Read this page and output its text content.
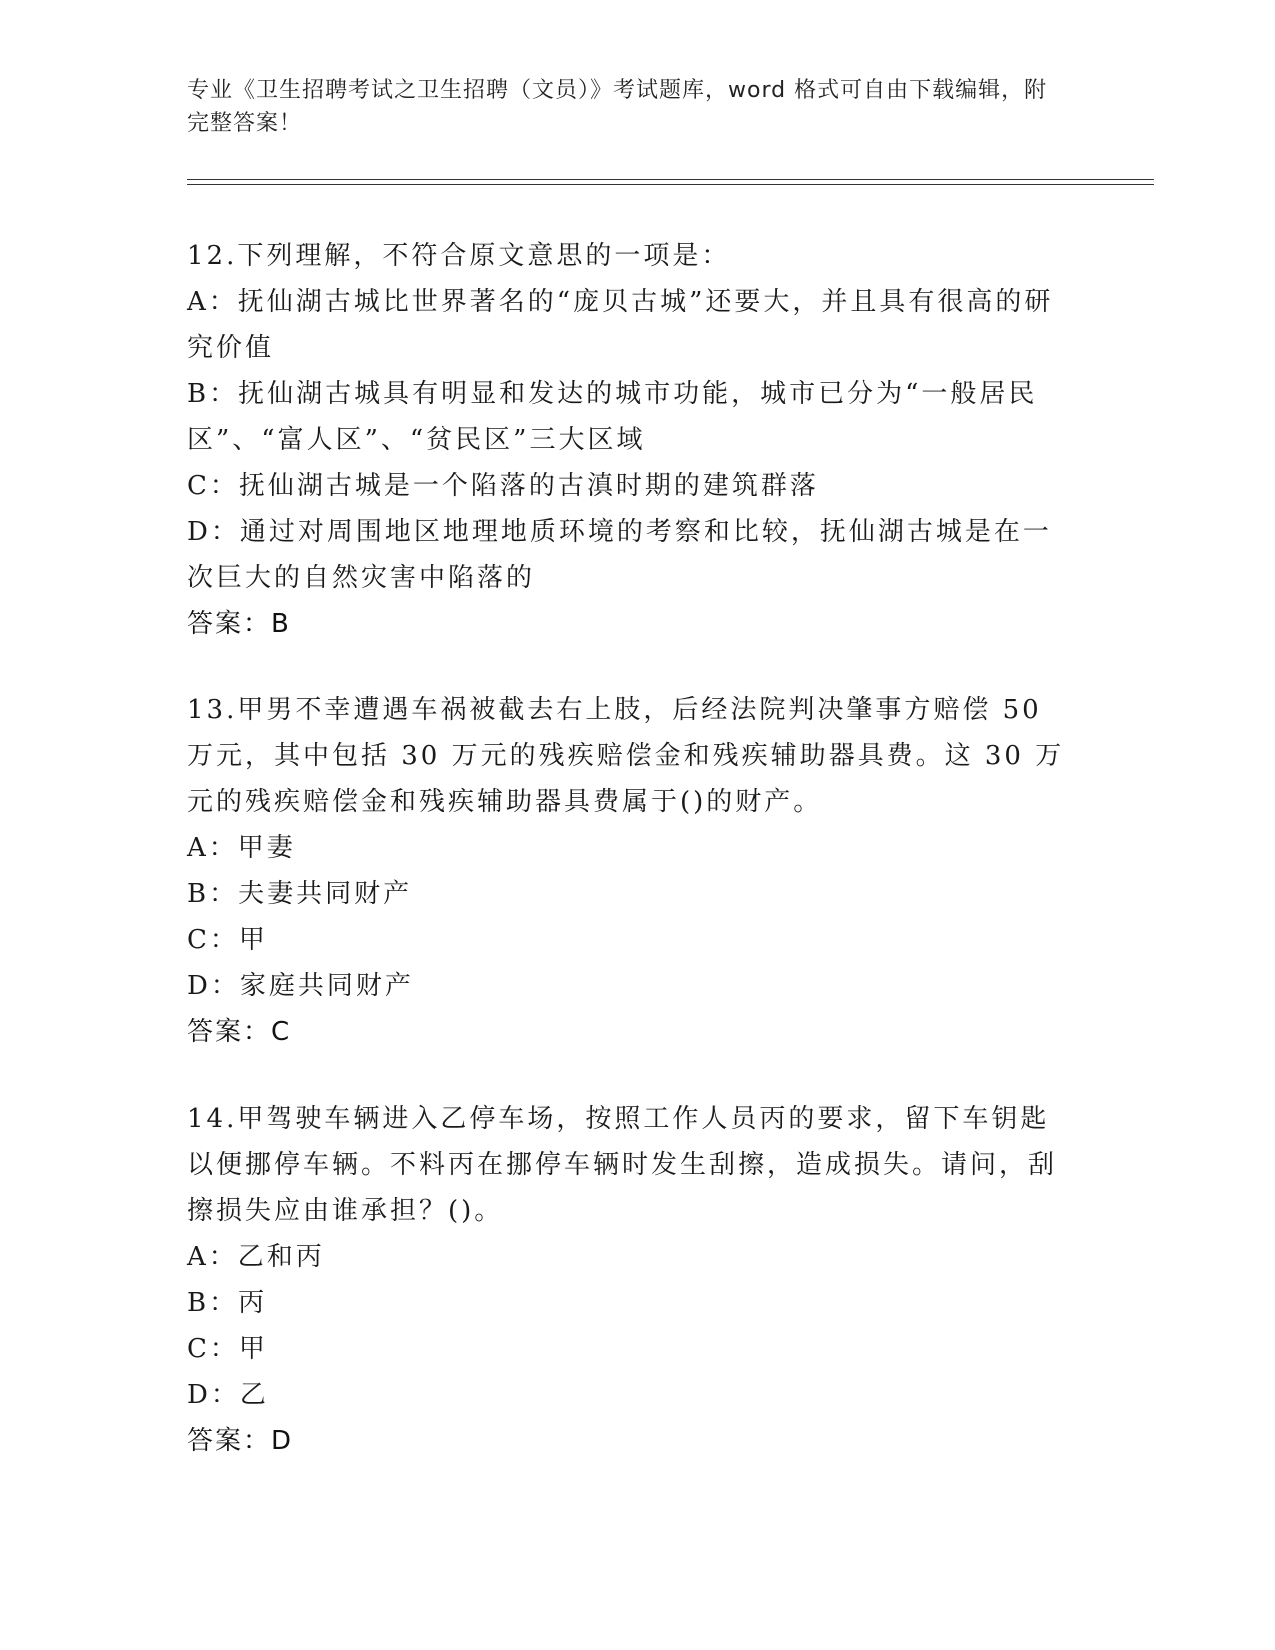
专业《卫生招聘考试之卫生招聘（文员）》考试题库，word 格式可自由下载编辑，附完整答案！
12.下列理解，不符合原文意思的一项是：
A：抚仙湖古城比世界著名的“庞贝古城”还要大，并且具有很高的研究价值
B：抚仙湖古城具有明显和发达的城市功能，城市已分为“一般居民区”、“富人区”、“贫民区”三大区域
C：抚仙湖古城是一个陷落的古滇时期的建筑群落
D：通过对周围地区地理地质环境的考察和比较，抚仙湖古城是在一次巨大的自然灾害中陷落的
答案：B
13.甲男不幸遭遇车祸被截去右上肢，后经法院判决肇事方赔偿 50 万元，其中包括 30 万元的残疾赔偿金和残疾辅助器具费。这 30 万元的残疾赔偿金和残疾辅助器具费属于()的财产。
A：甲妻
B：夫妻共同财产
C：甲
D：家庭共同财产
答案：C
14.甲驾驶车辆进入乙停车场，按照工作人员丙的要求，留下车钥匙以便挪停车辆。不料丙在挪停车辆时发生刮擦，造成损失。请问，刮擦损失应由谁承担？()。
A：乙和丙
B：丙
C：甲
D：乙
答案：D
